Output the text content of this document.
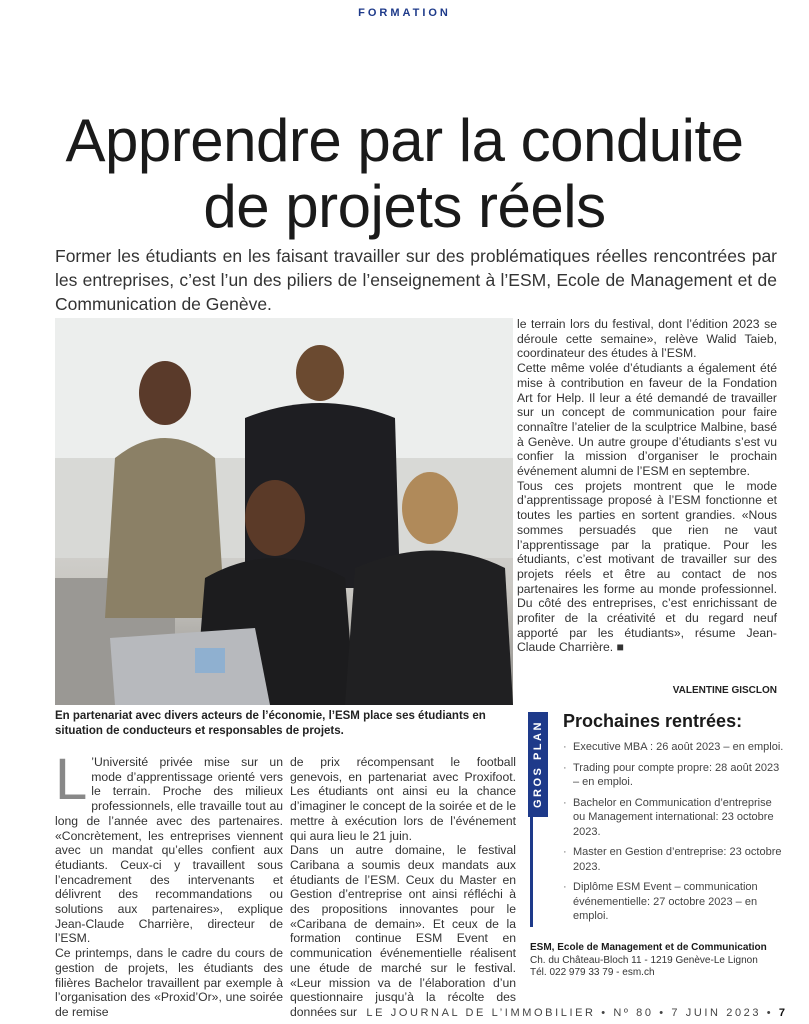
FORMATION
Apprendre par la conduite
de projets réels

Former les étudiants en les faisant travailler sur des problématiques réelles rencontrées par les entreprises, c’est l’un des piliers de l’enseignement à l’ESM, Ecole de Management et de Communication de Genève.

En partenariat avec divers acteurs de l’économie, l’ESM place ses étudiants en situation de conducteurs et responsables de projets.

L ’Université privée mise sur un mode d’apprentissage orienté vers le terrain. Proche des milieux professionnels, elle travaille tout au long de l’année avec des partenaires. «Concrètement, les entreprises viennent avec un mandat qu’elles confient aux étudiants. Ceux-ci y travaillent sous l’encadrement des intervenants et délivrent des recommandations ou solutions aux partenaires», explique Jean-Claude Charrière, directeur de l’ESM.

Ce printemps, dans le cadre du cours de gestion de projets, les étudiants des filières Bachelor travaillent par exemple à l’organisation des «Proxid’Or», une soirée de remise

de prix récompensant le football genevois, en partenariat avec Proxifoot. Les étudiants ont ainsi eu la chance d’imaginer le concept de la soirée et de le mettre à exécution lors de l’événement qui aura lieu le 21 juin.

Dans un autre domaine, le festival Caribana a soumis deux mandats aux étudiants de l’ESM. Ceux du Master en Gestion d’entreprise ont ainsi réfléchi à des propositions innovantes pour le «Caribana de demain». Et ceux de la formation continue ESM Event en communication événementielle réalisent une étude de marché sur le festival. «Leur mission va de l’élaboration d’un questionnaire jusqu’à la récolte des données sur

le terrain lors du festival, dont l’édition 2023 se déroule cette semaine», relève Walid Taieb, coordinateur des études à l’ESM.

Cette même volée d’étudiants a également été mise à contribution en faveur de la Fondation Art for Help. Il leur a été demandé de travailler sur un concept de communication pour faire connaître l’atelier de la sculptrice Malbine, basé à Genève. Un autre groupe d’étudiants s’est vu confier la mission d’organiser le prochain événement alumni de l’ESM en septembre.

Tous ces projets montrent que le mode d’apprentissage proposé à l’ESM fonctionne et toutes les parties en sortent grandies. «Nous sommes persuadés que rien ne vaut l’apprentissage par la pratique. Pour les étudiants, c’est motivant de travailler sur des projets réels et être au contact de nos partenaires les forme au monde professionnel. Du côté des entreprises, c’est enrichissant de profiter de la créativité et du regard neuf apporté par les étudiants», résume Jean-Claude Charrière. ■

VALENTINE GISCLON
Prochaines rentrées:
· Executive MBA : 26 août 2023 – en emploi.
· Trading pour compte propre: 28 août 2023 – en emploi.
· Bachelor en Communication d’entreprise ou Management international: 23 octobre 2023.
· Master en Gestion d’entreprise: 23 octobre 2023.
· Diplôme ESM Event – communication événementielle: 27 octobre 2023 – en emploi.
GROS PLAN
ESM, Ecole de Management et de Communication
Ch. du Château-Bloch 11 - 1219 Genève-Le Lignon
Tél. 022 979 33 79 - esm.ch
LE JOURNAL DE L’IMMOBILIER • Nº 80 • 7 JUIN 2023 • 7
